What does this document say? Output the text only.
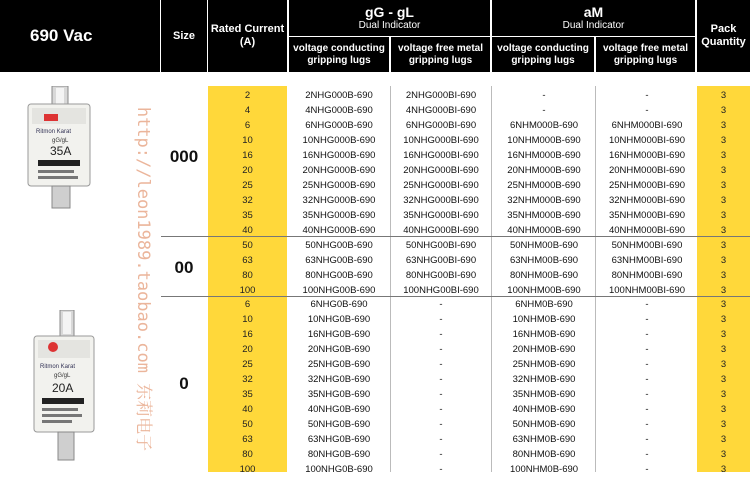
690 Vac	Size
Rated Current (A)
gG - gL
Dual Indicator
aM
Dual Indicator
voltage conducting gripping lugs
voltage free metal gripping lugs
voltage conducting gripping lugs
voltage free metal gripping lugs
Pack Quantity
000
00
0
2	2NHG000B-690	2NHG000BI-690	-	-	3
4	4NHG000B-690	4NHG000BI-690	-	-	3
6	6NHG000B-690	6NHG000BI-690	6NHM000B-690	6NHM000BI-690	3
10	10NHG000B-690	10NHG000BI-690	10NHM000B-690	10NHM000BI-690	3
16	16NHG000B-690	16NHG000BI-690	16NHM000B-690	16NHM000BI-690	3
20	20NHG000B-690	20NHG000BI-690	20NHM000B-690	20NHM000BI-690	3
25	25NHG000B-690	25NHG000BI-690	25NHM000B-690	25NHM000BI-690	3
32	32NHG000B-690	32NHG000BI-690	32NHM000B-690	32NHM000BI-690	3
35	35NHG000B-690	35NHG000BI-690	35NHM000B-690	35NHM000BI-690	3
40	40NHG000B-690	40NHG000BI-690	40NHM000B-690	40NHM000BI-690	3
50	50NHG00B-690	50NHG00BI-690	50NHM00B-690	50NHM00BI-690	3
63	63NHG00B-690	63NHG00BI-690	63NHM00B-690	63NHM00BI-690	3
80	80NHG00B-690	80NHG00BI-690	80NHM00B-690	80NHM00BI-690	3
100	100NHG00B-690	100NHG00BI-690	100NHM00B-690	100NHM00BI-690	3
6	6NHG0B-690	-	6NHM0B-690	-	3
10	10NHG0B-690	-	10NHM0B-690	-	3
16	16NHG0B-690	-	16NHM0B-690	-	3
20	20NHG0B-690	-	20NHM0B-690	-	3
25	25NHG0B-690	-	25NHM0B-690	-	3
32	32NHG0B-690	-	32NHM0B-690	-	3
35	35NHG0B-690	-	35NHM0B-690	-	3
40	40NHG0B-690	-	40NHM0B-690	-	3
50	50NHG0B-690	-	50NHM0B-690	-	3
63	63NHG0B-690	-	63NHM0B-690	-	3
80	80NHG0B-690	-	80NHM0B-690	-	3
100	100NHG0B-690	-	100NHM0B-690	-	3
http://leon1989.taobao.com 东莉电子
Ritmon Karat
gG/gL
35A
Ritmon Karat
gG/gL
20A
